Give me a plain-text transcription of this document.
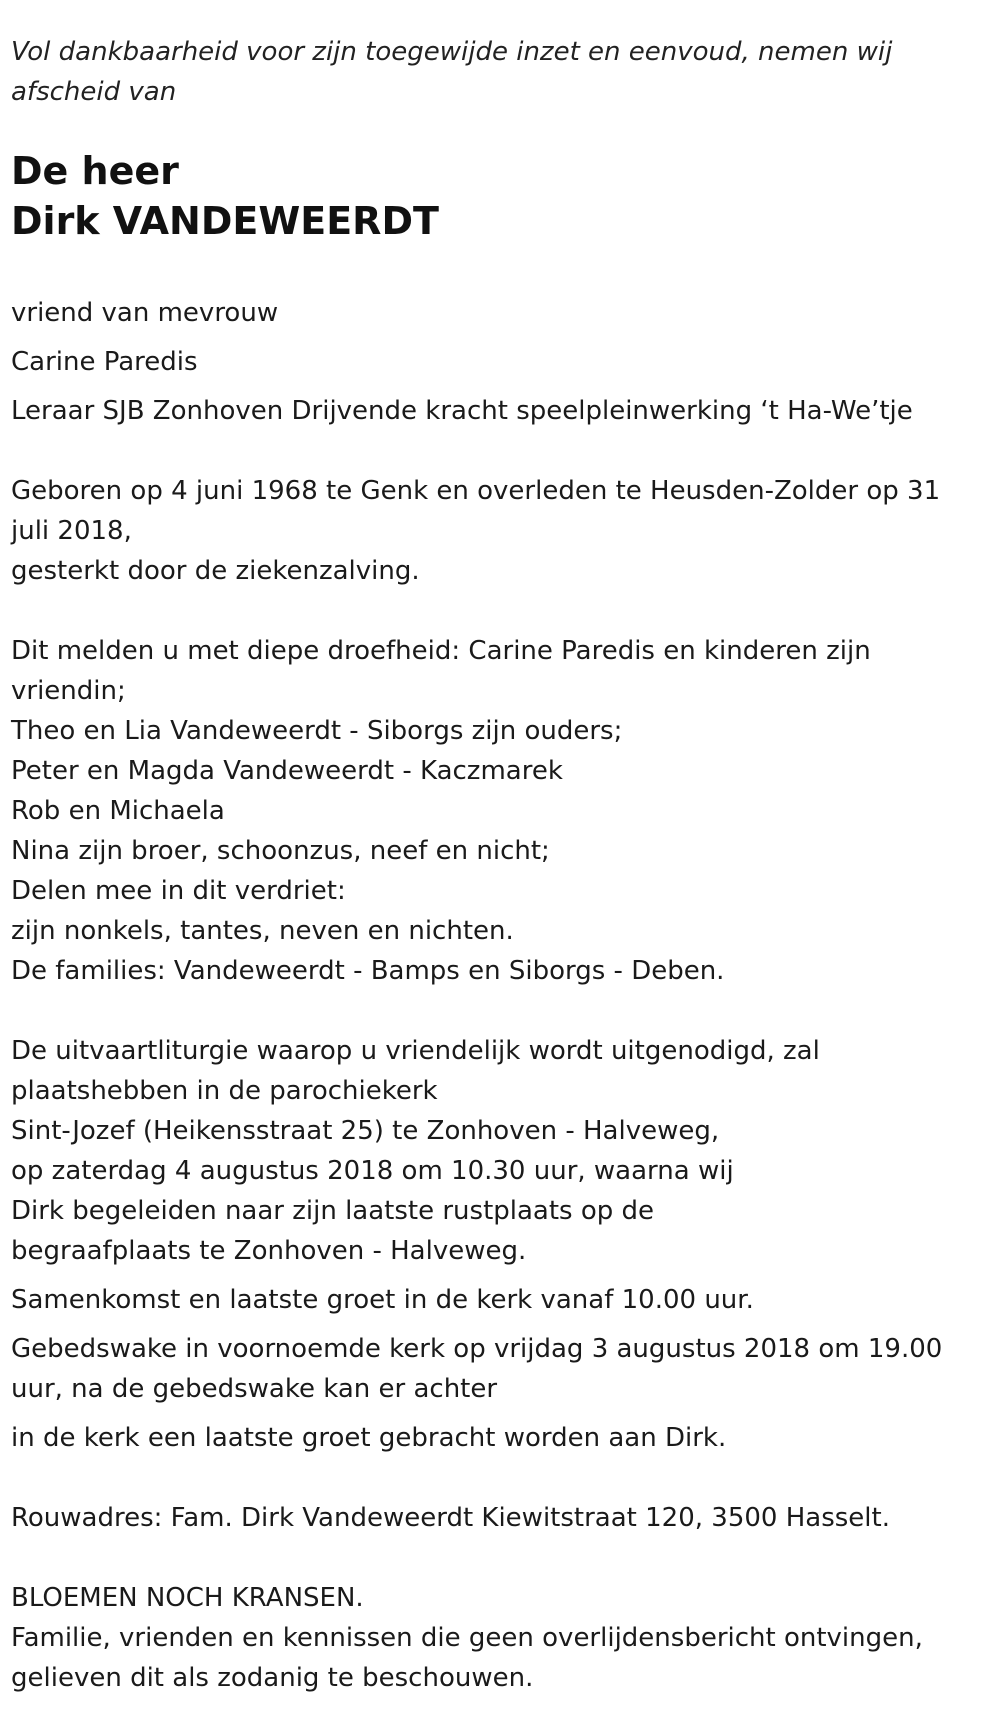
Vol dankbaarheid voor zijn toegewijde inzet en eenvoud, nemen wij
afscheid van

De heer
Dirk VANDEWEERDT

vriend van mevrouw

Carine Paredis

Leraar SJB Zonhoven Drijvende kracht speelpleinwerking ‘t Ha-We’tje

Geboren op 4 juni 1968 te Genk en overleden te Heusden-Zolder op 31
juli 2018,
gesterkt door de ziekenzalving.

Dit melden u met diepe droefheid: Carine Paredis en kinderen zijn
vriendin;
Theo en Lia Vandeweerdt - Siborgs zijn ouders;
Peter en Magda Vandeweerdt - Kaczmarek
Rob en Michaela
Nina zijn broer, schoonzus, neef en nicht;
Delen mee in dit verdriet:
zijn nonkels, tantes, neven en nichten.
De families: Vandeweerdt - Bamps en Siborgs - Deben.

De uitvaartliturgie waarop u vriendelijk wordt uitgenodigd, zal
plaatshebben in de parochiekerk
Sint-Jozef (Heikensstraat 25) te Zonhoven - Halveweg,
op zaterdag 4 augustus 2018 om 10.30 uur, waarna wij
Dirk begeleiden naar zijn laatste rustplaats op de
begraafplaats te Zonhoven - Halveweg.

Samenkomst en laatste groet in de kerk vanaf 10.00 uur.

Gebedswake in voornoemde kerk op vrijdag 3 augustus 2018 om 19.00
uur, na de gebedswake kan er achter

in de kerk een laatste groet gebracht worden aan Dirk.

Rouwadres: Fam. Dirk Vandeweerdt Kiewitstraat 120, 3500 Hasselt.

BLOEMEN NOCH KRANSEN.
Familie, vrienden en kennissen die geen overlijdensbericht ontvingen,
gelieven dit als zodanig te beschouwen.
